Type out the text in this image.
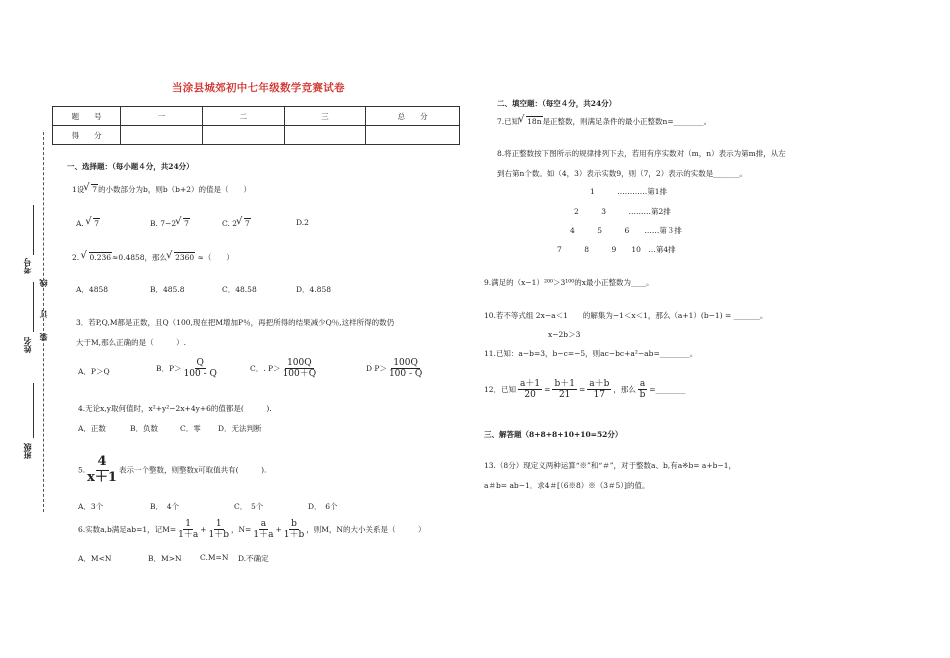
当涂县城郊初中七年级数学竞赛试卷
题　　号	一	二	三	总　　分
得　　分				
考号
姓名
班级
线
订
装
一、选择题：（每小题４分，共24分）
1设 √ 7的小数部分为b，则b（b+2）的值是（　　）
A. √ 7	B. 7−2 √ 7	C. 2 √ 7	D.2
2. √ 0.236≈0.4858，那么 √ 2360 ≈（　　）
A．4858	B．485.8	C．48.58	D．4.858
3．若P,Q,M都是正数，且Q（100,现在把M增加P％，再把所得的结果减少Q％,这样所得的数仍
大于M,那么正确的是（　　　）.
A．P＞Q	B．$P> \frac{Q}{100 - Q}$	C．. $P> \frac{100Q}{100+Q}$	D $P> \frac{100Q}{100 - Q}$
4.无论x,y取何值时，x²+y²−2x+4y+6的值都是(　　　).
A．正数	B．负数	C．零 D．无法判断
5. $\frac{4}{x+1}$ 表示一个整数，则整数x可取值共有(　　　).
A．3个	B．　4个	C．　5个	D．　6个
6.实数a,b满足ab=1，记$M= \frac{1}{1+a} + \frac{1}{1+b}$ ，$N= \frac{a}{1+a} + \frac{b}{1+b}$ ，则M，N的大小关系是（　　　）
A．M<N	B．M>N C.M=N D.不确定
二、填空题：（每空４分，共24分）
7.已知 √ 18n是正整数，则满足条件的最小正整数n=________。
8.将正整数按下图所示的规律排列下去，若用有序实数对（m，n）表示为第m排，从左
到右第n个数。如（4，3）表示实数9，则（7，2）表示的实数是_______。
1　　　…………第1排
2　　　3　　　………第2排
4　　　5　　　6　　……第３排
7　　　8　　　9　　10　…第4排
9.满足的（x−1）²⁰⁰＞3¹⁰⁰的x最小正整数为____。
10.若不等式组 2x−a＜1　　的解集为−1＜x＜1，那么（a+1）(b−1) = _______。
x−2b＞3
11.已知：a−b=3，b−c=−5，则ac−bc+a²−ab=________。
12．已知 $\frac{a+1}{20} = \frac{b+1}{21} = \frac{a+b}{17}$ ，那么 $\frac{a}{b}$ =________
三、解答题（8+8+8+10+10=52分）
13.（8分）现定义两种运算“※”和“＃”，对于整数a、b,有a※b= a+b−1，
a＃b= ab−1．求4＃[（6※8）※（3＃5）]的值。
